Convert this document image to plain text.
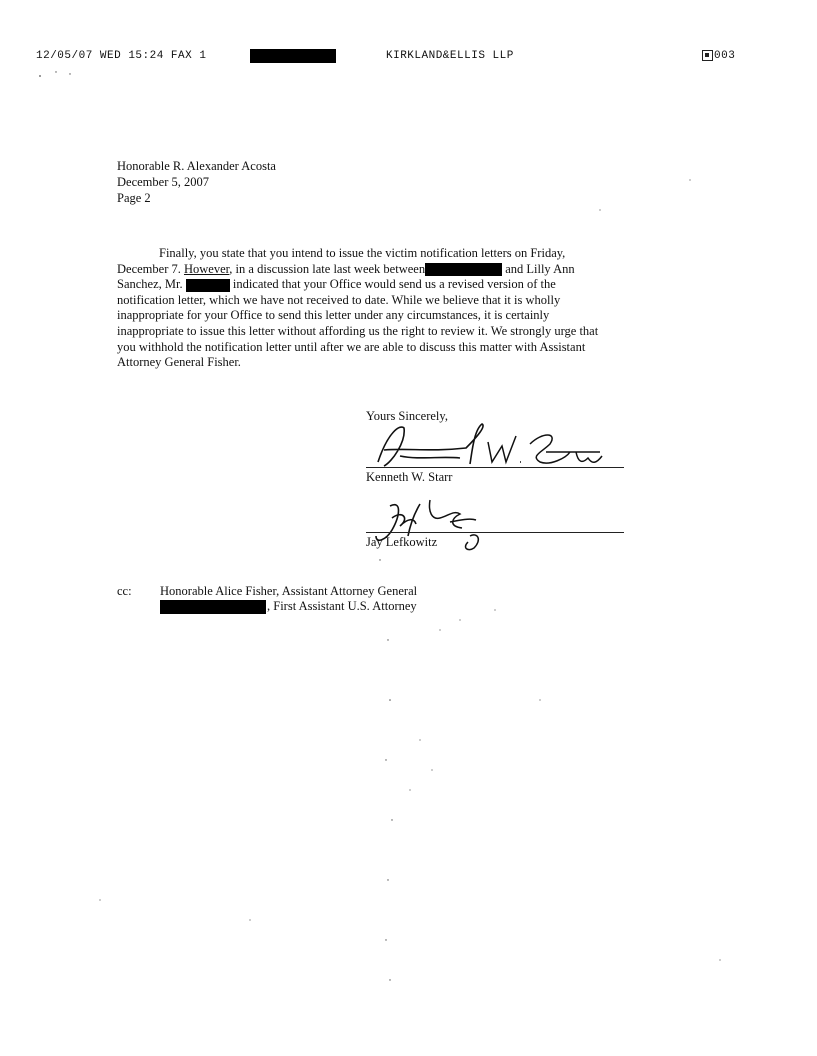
12/05/07 WED 15:24 FAX 1	KIRKLAND&ELLIS LLP	003
Honorable R. Alexander Acosta
December 5, 2007
Page 2
Finally, you state that you intend to issue the victim notification letters on Friday,
December 7. However, in a discussion late last week between	and Lilly Ann
Sanchez, Mr.	indicated that your Office would send us a revised version of the
notification letter, which we have not received to date. While we believe that it is wholly
inappropriate for your Office to send this letter under any circumstances, it is certainly
inappropriate to issue this letter without affording us the right to review it. We strongly urge that
you withhold the notification letter until after we are able to discuss this matter with Assistant
Attorney General Fisher.
Yours Sincerely,
Kenneth W. Starr
Jay Lefkowitz
cc: Honorable Alice Fisher, Assistant Attorney General
, First Assistant U.S. Attorney
